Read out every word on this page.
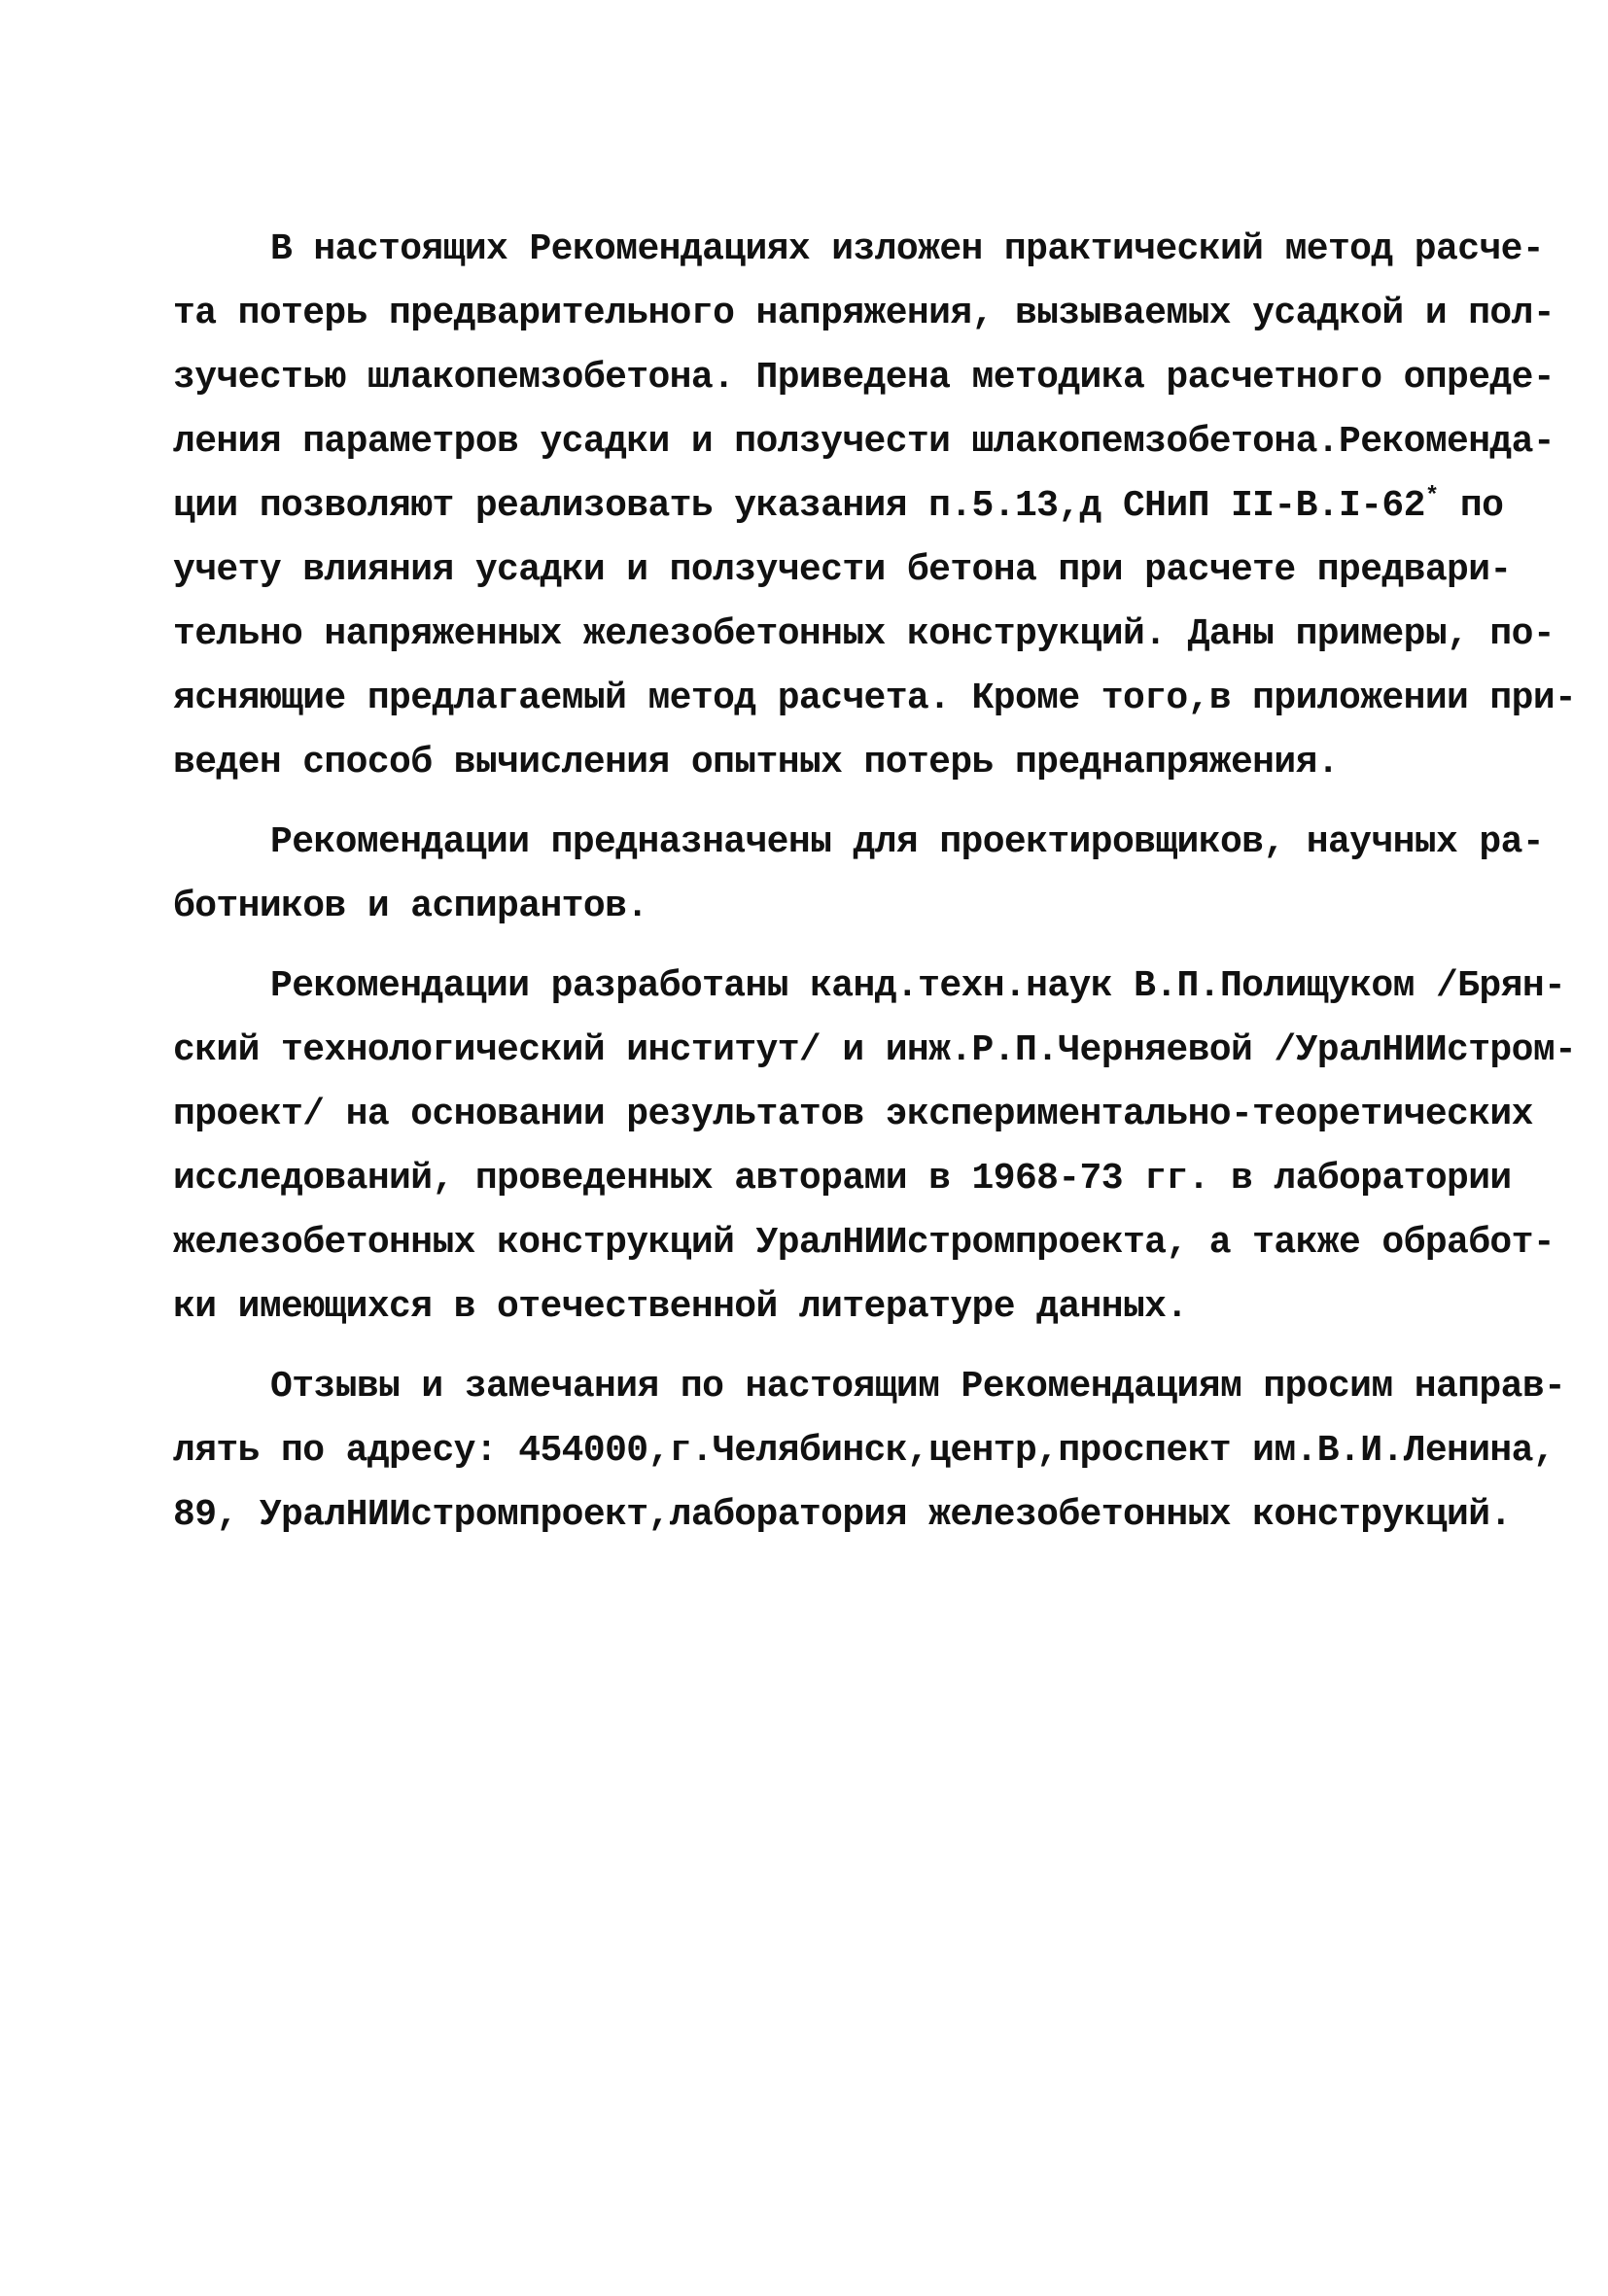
В настоящих Рекомендациях изложен практический метод расче-
та потерь предварительного напряжения, вызываемых усадкой и пол-
зучестью шлакопемзобетона. Приведена методика расчетного опреде-
ления параметров усадки и ползучести шлакопемзобетона.Рекоменда-
ции позволяют реализовать указания п.5.13,д СНиП II-В.I-62* по
учету влияния усадки и ползучести бетона при расчете предвари-
тельно напряженных железобетонных конструкций. Даны примеры, по-
ясняющие предлагаемый метод расчета. Кроме того,в приложении при-
веден способ вычисления опытных потерь преднапряжения.
Рекомендации предназначены для проектировщиков, научных ра-
ботников и аспирантов.
Рекомендации разработаны канд.техн.наук В.П.Полищуком /Брян-
ский технологический институт/ и инж.Р.П.Черняевой /УралНИИстром-
проект/ на основании результатов экспериментально-теоретических
исследований, проведенных авторами в 1968-73 гг. в лаборатории
железобетонных конструкций УралНИИстромпроекта, а также обработ-
ки имеющихся в отечественной литературе данных.
Отзывы и замечания по настоящим Рекомендациям просим направ-
лять по адресу: 454000,г.Челябинск,центр,проспект им.В.И.Ленина,
89, УралНИИстромпроект,лаборатория железобетонных конструкций.
